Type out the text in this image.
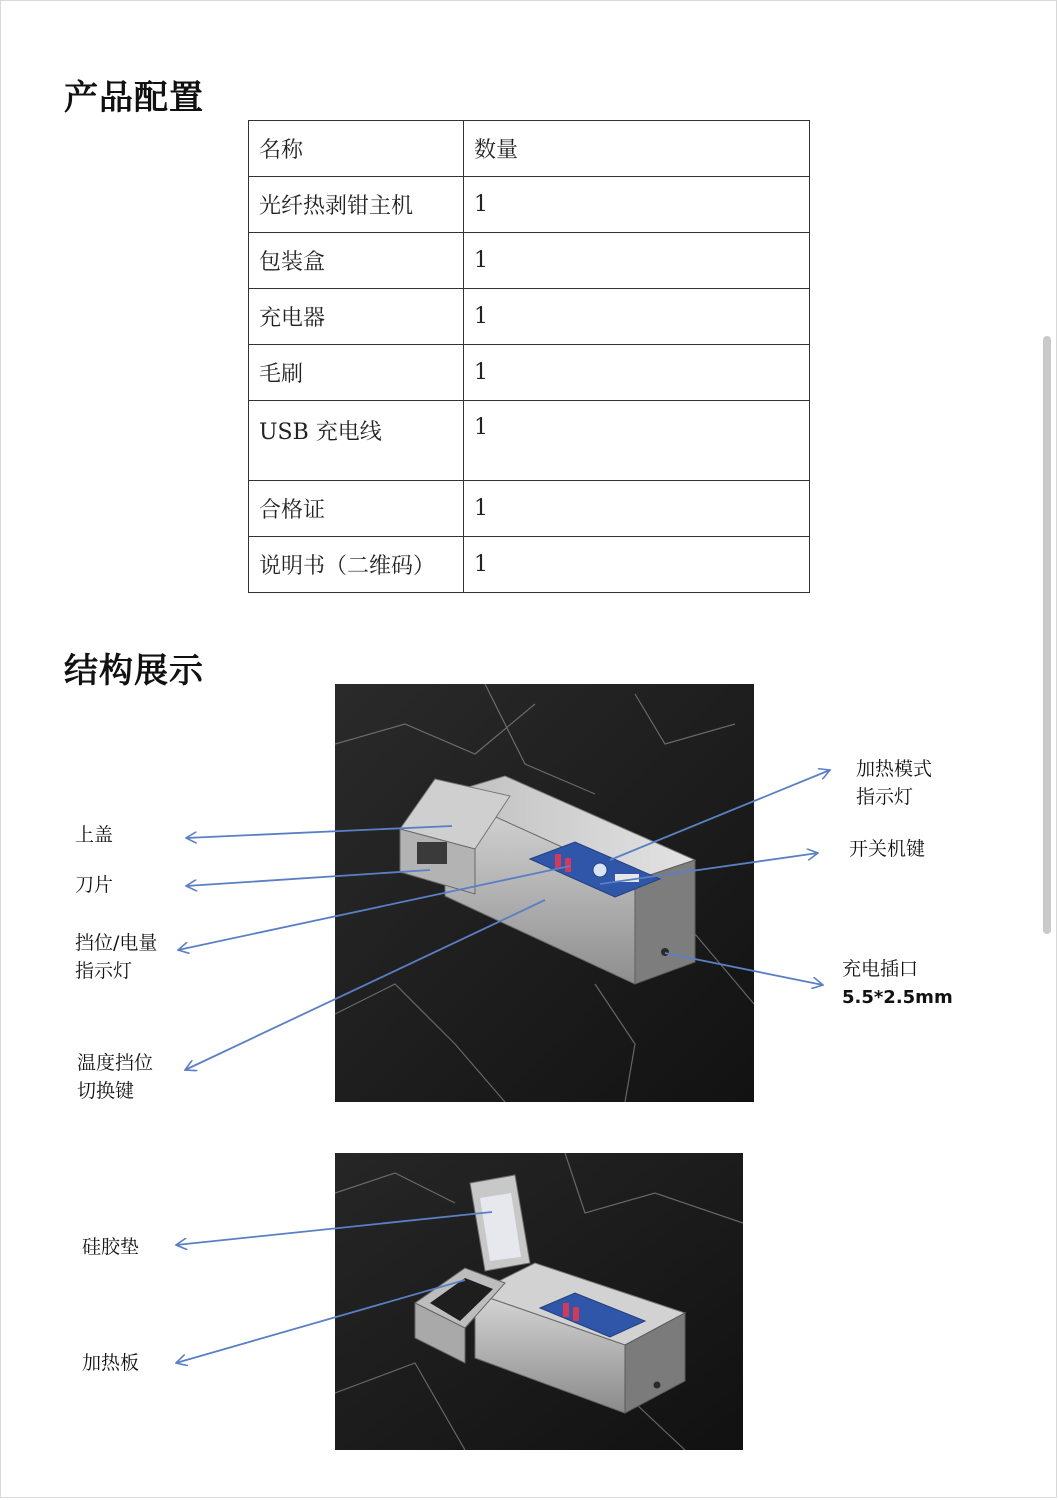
产品配置
名称	数量
光纤热剥钳主机	1
包装盒	1
充电器	1
毛刷	1
USB 充电线	1
合格证	1
说明书（二维码）	1
结构展示
上盖
刀片
挡位/电量
指示灯
温度挡位
切换键
加热模式
指示灯
开关机键
充电插口
5.5*2.5mm
硅胶垫
加热板
